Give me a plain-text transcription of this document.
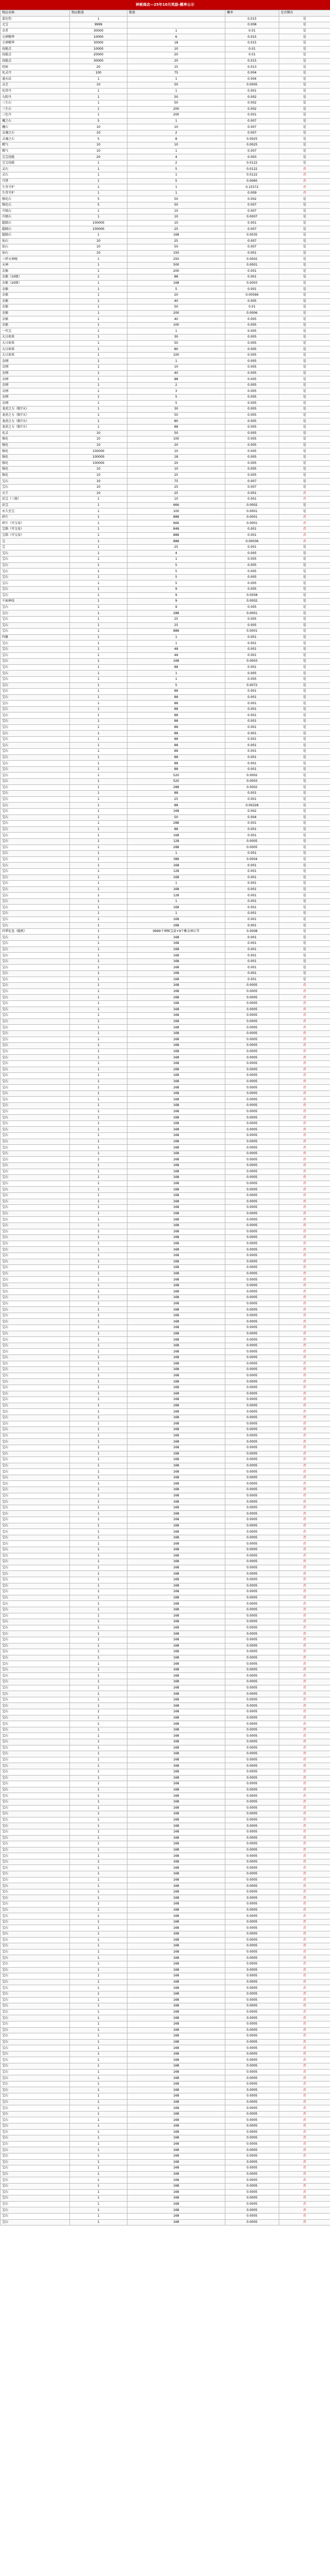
神秘商店—25年10月奖励-概率公示
物品名称	物品数量	数量	概率	是否稀有
蓝色豹	1		0.015	是
元宝	9999		0.008	是
金币	30000	1	0.01	是
元神精华	10000	6	0.015	是
元神精华	30000	18	0.015	是
技能点	10000	10	0.01	是
技能点	20000	20	0.01	是
技能点	30000	20	0.015	是
经验	20	15	0.013	是
化灵丹	100	75	0.004	是
通天法	1	1	0.004	是
灵芝	10	50	0.0005	是
化骨丹	1	1	0.001	是
九转丹	1	50	0.002	是
三生石	1	50	0.002	是
三生石	1	200	0.002	是
三色丹	1	200	0.001	是
魔之石	5	1	0.007	是
魔石	10	10	0.007	是
灵魂之石	10	2	0.007	是
灵魂之石	5	8	0.0025	是
精气	10	10	0.0025	是
精气	10	1	0.007	是
宝宝技能	20	4	0.003	是
宝宝技能	1	2	0.0122	是
灵石	1	5	0.0122	否
灵石	1	1	0.0122	否
月饼	1	5	0.0065	否
生肖守护	1	1	0.15572	否
生肖守护	1	1	0.009	否
强化石	5	50	0.002	是
强化石	5	50	0.007	是
升级石	1	10	0.007	是
升级石	1	10	0.0007	是
超级石	100000	10	0.001	是
超级石	100000	25	0.007	是
超级石	1	168	0.0035	是
钻石	10	25	0.007	是
钻石	10	50	0.007	是
钻石	10	150	0.001	是
三样天神级	1	250	0.0002	是
天神	1	500	0.0001	是
金猴	1	200	0.001	是
金猴（10级）	1	88	0.001	是
金猴（20级）	1	168	0.0003	是
金猴	1	5	0.001	是
金猴	1	20	0.00566	是
金猴	1	40	0.005	是
金猴	1	50	0.01	是
金猴	1	200	0.0006	是
金猴	1	40	0.005	是
金猴	1	100	0.005	是
一代宝	1	1	0.005	是
大日如来	1	30	0.005	是
大日如来	1	50	0.005	是
大日如来	1	80	0.005	是
大日如来	1	100	0.005	是
金刚	1	1	0.005	是
金刚	1	10	0.005	是
金刚	1	40	0.005	是
金刚	1	88	0.005	是
金刚	1	2	0.005	是
金刚	1	3	0.005	是
金刚	1	5	0.005	是
金刚	1	5	0.005	是
龙虎之力（限7天）	1	30	0.005	是
龙虎之力（限7天）	1	50	0.005	是
龙虎之力（限7天）	1	80	0.005	是
龙虎之力（限7天）	1	88	0.005	是
化灵	10	50	0.005	是
强化	10	100	0.005	是
强化	10	20	0.005	是
强化	100000	10	0.005	是
强化	100000	18	0.005	是
强化	100000	20	0.005	是
强化	10	10	0.005	是
强化	10	25	0.005	是
宝石	10	75	0.007	是
宝石	10	25	0.007	是
天王	10	25	0.001	否
法宝（三级）	1	10	0.001	否
法宝	1	666	0.0002	是
永久至宝	1	100	0.0001	是
碎片	1	888	0.0001	否
碎片（可交易）	1	666	0.0001	否
宝箱（可交易）	1	848	0.001	否
宝箱（可交易）	1	888	0.001	否
宝	1	888	0.00036	否
宝	1	25	0.001	是
宝石	1	4	0.005	是
宝石	1	1	0.005	是
宝石	1	5	0.005	是
宝石	1	5	0.005	是
宝石	1	5	0.005	是
宝石	1	5	0.005	是
宝石	1	9	0.005	是
宝石	1	9	0.0058	是
千面神技	1	9	0.0002	是
宝石	1	9	0.005	是
宝石	1	288	0.0001	是
宝石	1	25	0.005	是
宝石	1	25	0.005	是
宝石	1	888	0.0001	是
四象	1	1	0.001	是
宝石	1	1	0.001	是
宝石	1	48	0.001	是
宝石	1	48	0.001	是
宝石	1	168	0.0003	是
宝石	1	88	0.001	是
宝石	1	1	0.005	是
宝石	1	1	0.005	是
宝石	1	5	0.0072	是
宝石	1	88	0.001	是
宝石	1	88	0.001	是
宝石	1	88	0.001	是
宝石	1	88	0.001	是
宝石	1	88	0.001	是
宝石	1	88	0.001	是
宝石	1	88	0.001	是
宝石	1	88	0.001	是
宝石	1	88	0.001	是
宝石	1	88	0.001	是
宝石	1	88	0.001	是
宝石	1	88	0.001	是
宝石	1	88	0.001	是
宝石	1	88	0.001	是
宝石	1	520	0.0002	是
宝石	1	520	0.0003	是
宝石	1	288	0.0002	是
宝石	1	88	0.001	是
宝石	1	25	0.001	是
宝石	1	88	0.00228	是
宝石	1	168	0.002	是
宝石	1	50	0.004	是
宝石	1	288	0.001	是
宝石	1	88	0.001	是
宝石	1	168	0.001	是
宝石	1	128	0.0005	是
宝石	1	288	0.0005	是
宝石	1	1	0.001	是
宝石	1	388	0.0004	是
宝石	1	168	0.001	是
宝石	1	128	0.001	是
宝石	1	168	0.001	是
宝石	1	1	0.001	是
宝石	1	168	0.001	是
宝石	1	128	0.001	是
宝石	1	1	0.001	是
宝石	1	168	0.001	是
宝石	1	1	0.001	是
宝石	1	168	0.001	是
宝石	1	168	0.001	是
四季礼包（随机）	1	9999个神秘宝盒+9个紫金神石等	0.0008	是
宝石	1	168	0.001	是
宝石	1	168	0.001	是
宝石	1	168	0.001	是
宝石	1	168	0.001	是
宝石	1	168	0.001	是
宝石	1	168	0.001	是
宝石	1	168	0.001	是
宝石	1	168	0.001	是
宝石	1	168	0.0005	否
宝石	1	168	0.0005	否
宝石	1	168	0.0005	否
宝石	1	168	0.0005	否
宝石	1	168	0.0005	否
宝石	1	168	0.0005	否
宝石	1	168	0.0005	否
宝石	1	168	0.0005	否
宝石	1	168	0.0005	否
宝石	1	168	0.0005	否
宝石	1	168	0.0005	否
宝石	1	168	0.0005	否
宝石	1	168	0.0005	否
宝石	1	168	0.0005	否
宝石	1	168	0.0005	否
宝石	1	168	0.0005	否
宝石	1	168	0.0005	否
宝石	1	168	0.0005	否
宝石	1	168	0.0005	否
宝石	1	168	0.0005	否
宝石	1	168	0.0005	否
宝石	1	168	0.0005	否
宝石	1	168	0.0005	否
宝石	1	168	0.0005	否
宝石	1	168	0.0005	否
宝石	1	168	0.0005	否
宝石	1	168	0.0005	否
宝石	1	168	0.0005	否
宝石	1	168	0.0005	否
宝石	1	168	0.0005	否
宝石	1	168	0.0005	否
宝石	1	168	0.0005	否
宝石	1	168	0.0005	否
宝石	1	168	0.0005	否
宝石	1	168	0.0005	否
宝石	1	168	0.0005	否
宝石	1	168	0.0005	否
宝石	1	168	0.0005	否
宝石	1	168	0.0005	否
宝石	1	168	0.0005	否
宝石	1	168	0.0005	否
宝石	1	168	0.0005	否
宝石	1	168	0.0005	否
宝石	1	168	0.0005	否
宝石	1	168	0.0005	否
宝石	1	168	0.0005	否
宝石	1	168	0.0005	否
宝石	1	168	0.0005	否
宝石	1	168	0.0005	否
宝石	1	168	0.0005	否
宝石	1	168	0.0005	否
宝石	1	168	0.0005	否
宝石	1	168	0.0005	否
宝石	1	168	0.0005	否
宝石	1	168	0.0005	否
宝石	1	168	0.0005	否
宝石	1	168	0.0005	否
宝石	1	168	0.0005	否
宝石	1	168	0.0005	否
宝石	1	168	0.0005	否
宝石	1	168	0.0005	否
宝石	1	168	0.0005	否
宝石	1	168	0.0005	否
宝石	1	168	0.0005	否
宝石	1	168	0.0005	否
宝石	1	168	0.0005	否
宝石	1	168	0.0005	否
宝石	1	168	0.0005	否
宝石	1	168	0.0005	否
宝石	1	168	0.0005	否
宝石	1	168	0.0005	否
宝石	1	168	0.0005	否
宝石	1	168	0.0005	否
宝石	1	168	0.0005	否
宝石	1	168	0.0005	否
宝石	1	168	0.0005	否
宝石	1	168	0.0005	否
宝石	1	168	0.0005	否
宝石	1	168	0.0005	否
宝石	1	168	0.0005	否
宝石	1	168	0.0005	否
宝石	1	168	0.0005	否
宝石	1	168	0.0005	否
宝石	1	168	0.0005	否
宝石	1	168	0.0005	否
宝石	1	168	0.0005	否
宝石	1	168	0.0005	否
宝石	1	168	0.0005	否
宝石	1	168	0.0005	否
宝石	1	168	0.0005	否
宝石	1	168	0.0005	否
宝石	1	168	0.0005	否
宝石	1	168	0.0005	否
宝石	1	168	0.0005	否
宝石	1	168	0.0005	否
宝石	1	168	0.0005	否
宝石	1	168	0.0005	否
宝石	1	168	0.0005	否
宝石	1	168	0.0005	否
宝石	1	168	0.0005	否
宝石	1	168	0.0005	否
宝石	1	168	0.0005	否
宝石	1	168	0.0005	否
宝石	1	168	0.0005	否
宝石	1	168	0.0005	否
宝石	1	168	0.0005	否
宝石	1	168	0.0005	否
宝石	1	168	0.0005	否
宝石	1	168	0.0005	否
宝石	1	168	0.0005	否
宝石	1	168	0.0005	否
宝石	1	168	0.0005	否
宝石	1	168	0.0005	否
宝石	1	168	0.0005	否
宝石	1	168	0.0005	否
宝石	1	168	0.0005	否
宝石	1	168	0.0005	否
宝石	1	168	0.0005	否
宝石	1	168	0.0005	否
宝石	1	168	0.0005	否
宝石	1	168	0.0005	否
宝石	1	168	0.0005	否
宝石	1	168	0.0005	否
宝石	1	168	0.0005	否
宝石	1	168	0.0005	否
宝石	1	168	0.0005	否
宝石	1	168	0.0005	否
宝石	1	168	0.0005	否
宝石	1	168	0.0005	否
宝石	1	168	0.0005	否
宝石	1	168	0.0005	否
宝石	1	168	0.0005	否
宝石	1	168	0.0005	否
宝石	1	168	0.0005	否
宝石	1	168	0.0005	否
宝石	1	168	0.0005	否
宝石	1	168	0.0005	否
宝石	1	168	0.0005	否
宝石	1	168	0.0005	否
宝石	1	168	0.0005	否
宝石	1	168	0.0005	否
宝石	1	168	0.0005	否
宝石	1	168	0.0005	否
宝石	1	168	0.0005	否
宝石	1	168	0.0005	否
宝石	1	168	0.0005	否
宝石	1	168	0.0005	否
宝石	1	168	0.0005	否
宝石	1	168	0.0005	否
宝石	1	168	0.0005	否
宝石	1	168	0.0005	否
宝石	1	168	0.0005	否
宝石	1	168	0.0005	否
宝石	1	168	0.0005	否
宝石	1	168	0.0005	否
宝石	1	168	0.0005	否
宝石	1	168	0.0005	否
宝石	1	168	0.0005	否
宝石	1	168	0.0005	否
宝石	1	168	0.0005	否
宝石	1	168	0.0005	否
宝石	1	168	0.0005	否
宝石	1	168	0.0005	否
宝石	1	168	0.0005	否
宝石	1	168	0.0005	否
宝石	1	168	0.0005	否
宝石	1	168	0.0005	否
宝石	1	168	0.0005	否
宝石	1	168	0.0005	否
宝石	1	168	0.0005	否
宝石	1	168	0.0005	否
宝石	1	168	0.0005	否
宝石	1	168	0.0005	否
宝石	1	168	0.0005	否
宝石	1	168	0.0005	否
宝石	1	168	0.0005	否
宝石	1	168	0.0005	否
宝石	1	168	0.0005	否
宝石	1	168	0.0005	否
宝石	1	168	0.0005	否
宝石	1	168	0.0005	否
宝石	1	168	0.0005	否
宝石	1	168	0.0005	否
宝石	1	168	0.0005	否
宝石	1	168	0.0005	否
宝石	1	168	0.0005	否
宝石	1	168	0.0005	否
宝石	1	168	0.0005	否
宝石	1	168	0.0005	否
宝石	1	168	0.0005	否
宝石	1	168	0.0005	否
宝石	1	168	0.0005	否
宝石	1	168	0.0005	否
宝石	1	168	0.0005	否
宝石	1	168	0.0005	否
宝石	1	168	0.0005	否
宝石	1	168	0.0005	否
宝石	1	168	0.0005	否
宝石	1	168	0.0005	否
宝石	1	168	0.0005	否
宝石	1	168	0.0005	否
宝石	1	168	0.0005	否
宝石	1	168	0.0005	否
宝石	1	168	0.0005	否
宝石	1	168	0.0005	否
宝石	1	168	0.0005	否
宝石	1	168	0.0005	否
